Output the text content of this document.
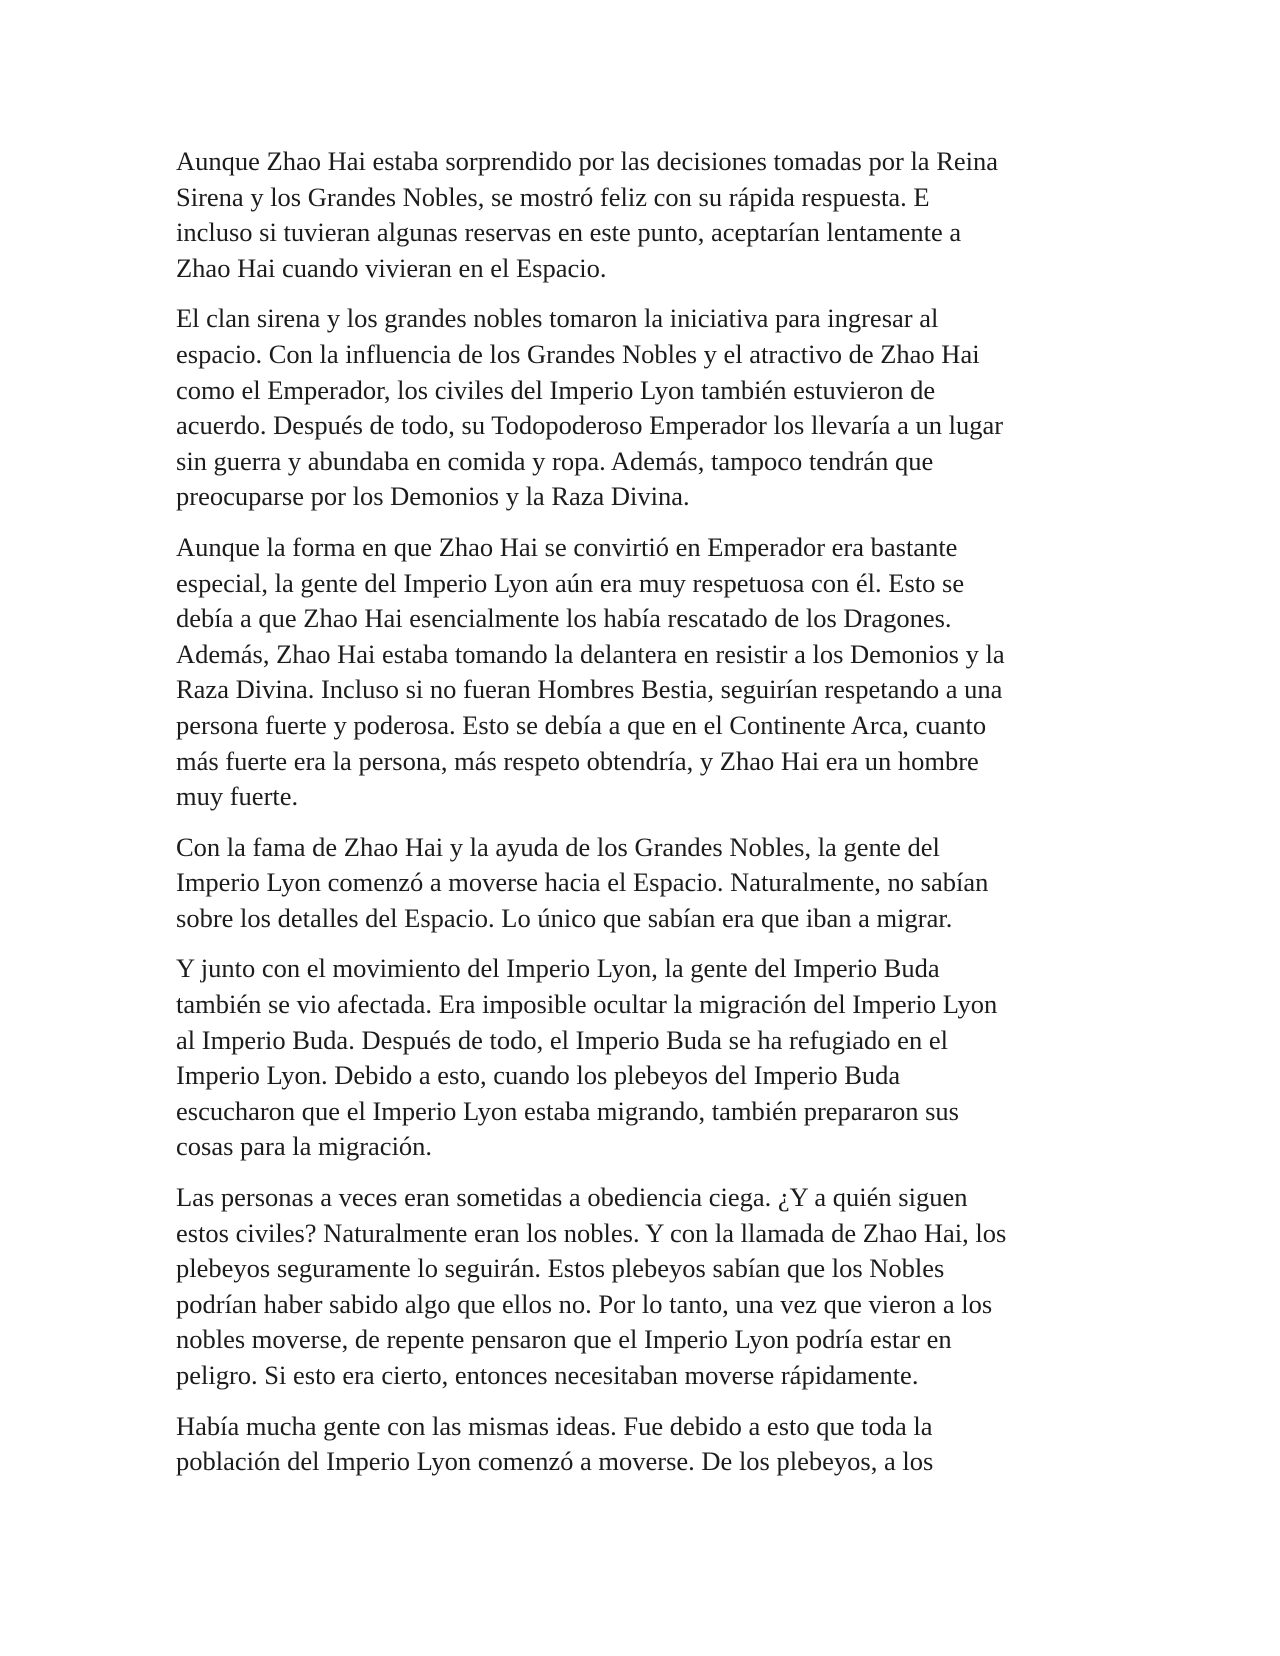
Aunque Zhao Hai estaba sorprendido por las decisiones tomadas por la Reina
Sirena y los Grandes Nobles, se mostró feliz con su rápida respuesta. E
incluso si tuvieran algunas reservas en este punto, aceptarían lentamente a
Zhao Hai cuando vivieran en el Espacio.

El clan sirena y los grandes nobles tomaron la iniciativa para ingresar al
espacio. Con la influencia de los Grandes Nobles y el atractivo de Zhao Hai
como el Emperador, los civiles del Imperio Lyon también estuvieron de
acuerdo. Después de todo, su Todopoderoso Emperador los llevaría a un lugar
sin guerra y abundaba en comida y ropa. Además, tampoco tendrán que
preocuparse por los Demonios y la Raza Divina.

Aunque la forma en que Zhao Hai se convirtió en Emperador era bastante
especial, la gente del Imperio Lyon aún era muy respetuosa con él. Esto se
debía a que Zhao Hai esencialmente los había rescatado de los Dragones.
Además, Zhao Hai estaba tomando la delantera en resistir a los Demonios y la
Raza Divina. Incluso si no fueran Hombres Bestia, seguirían respetando a una
persona fuerte y poderosa. Esto se debía a que en el Continente Arca, cuanto
más fuerte era la persona, más respeto obtendría, y Zhao Hai era un hombre
muy fuerte.

Con la fama de Zhao Hai y la ayuda de los Grandes Nobles, la gente del
Imperio Lyon comenzó a moverse hacia el Espacio. Naturalmente, no sabían
sobre los detalles del Espacio. Lo único que sabían era que iban a migrar.

Y junto con el movimiento del Imperio Lyon, la gente del Imperio Buda
también se vio afectada. Era imposible ocultar la migración del Imperio Lyon
al Imperio Buda. Después de todo, el Imperio Buda se ha refugiado en el
Imperio Lyon. Debido a esto, cuando los plebeyos del Imperio Buda
escucharon que el Imperio Lyon estaba migrando, también prepararon sus
cosas para la migración.

Las personas a veces eran sometidas a obediencia ciega. ¿Y a quién siguen
estos civiles? Naturalmente eran los nobles. Y con la llamada de Zhao Hai, los
plebeyos seguramente lo seguirán. Estos plebeyos sabían que los Nobles
podrían haber sabido algo que ellos no. Por lo tanto, una vez que vieron a los
nobles moverse, de repente pensaron que el Imperio Lyon podría estar en
peligro. Si esto era cierto, entonces necesitaban moverse rápidamente.

Había mucha gente con las mismas ideas. Fue debido a esto que toda la
población del Imperio Lyon comenzó a moverse. De los plebeyos, a los
